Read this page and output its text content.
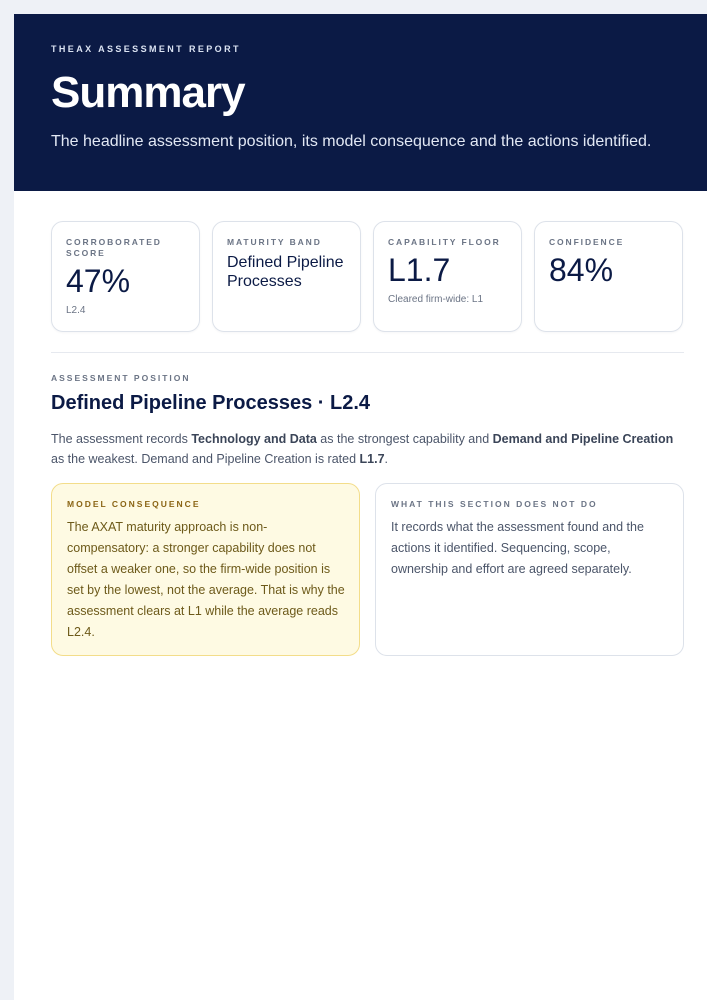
THEAX ASSESSMENT REPORT
Summary
The headline assessment position, its model consequence and the actions identified.
CORROBORATED SCORE
47%
L2.4
MATURITY BAND
Defined Pipeline Processes
CAPABILITY FLOOR
L1.7
Cleared firm-wide: L1
CONFIDENCE
84%
ASSESSMENT POSITION
Defined Pipeline Processes · L2.4

The assessment records Technology and Data as the strongest capability and Demand and Pipeline Creation as the weakest. Demand and Pipeline Creation is rated L1.7.

MODEL CONSEQUENCE
The AXAT maturity approach is non-compensatory: a stronger capability does not offset a weaker one, so the firm-wide position is set by the lowest, not the average. That is why the assessment clears at L1 while the average reads L2.4.
WHAT THIS SECTION DOES NOT DO
It records what the assessment found and the actions it identified. Sequencing, scope, ownership and effort are agreed separately.
